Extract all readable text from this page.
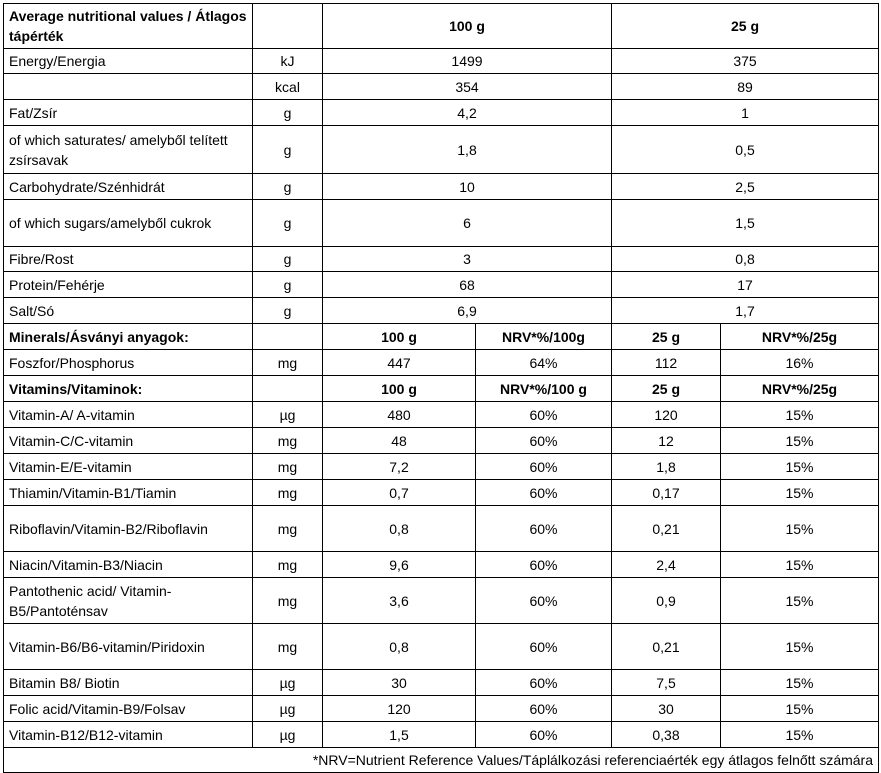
Average nutritional values / Átlagos tápérték		100 g		25 g	
Energy/Energia	kJ	1499		375	
	kcal	354		89	
Fat/Zsír	g	4,2		1	
of which saturates/ amelyből telített zsírsavak	g	1,8		0,5	
Carbohydrate/Szénhidrát	g	10		2,5	
of which sugars/amelyből cukrok	g	6		1,5	
Fibre/Rost	g	3		0,8	
Protein/Fehérje	g	68		17	
Salt/Só	g	6,9		1,7	
Minerals/Ásványi anyagok:		100 g	NRV*%/100g	25 g	NRV*%/25g
Foszfor/Phosphorus	mg	447	64%	112	16%
Vitamins/Vitaminok:		100 g	NRV*%/100 g	25 g	NRV*%/25g
Vitamin-A/ A-vitamin	µg	480	60%	120	15%
Vitamin-C/C-vitamin	mg	48	60%	12	15%
Vitamin-E/E-vitamin	mg	7,2	60%	1,8	15%
Thiamin/Vitamin-B1/Tiamin	mg	0,7	60%	0,17	15%
Riboflavin/Vitamin-B2/Riboflavin	mg	0,8	60%	0,21	15%
Niacin/Vitamin-B3/Niacin	mg	9,6	60%	2,4	15%
Pantothenic acid/ Vitamin-B5/Pantoténsav	mg	3,6	60%	0,9	15%
Vitamin-B6/B6-vitamin/Piridoxin	mg	0,8	60%	0,21	15%
Bitamin B8/ Biotin	µg	30	60%	7,5	15%
Folic acid/Vitamin-B9/Folsav	µg	120	60%	30	15%
Vitamin-B12/B12-vitamin	µg	1,5	60%	0,38	15%
*NRV=Nutrient Reference Values/Táplálkozási referenciaérték egy átlagos felnőtt számára					
